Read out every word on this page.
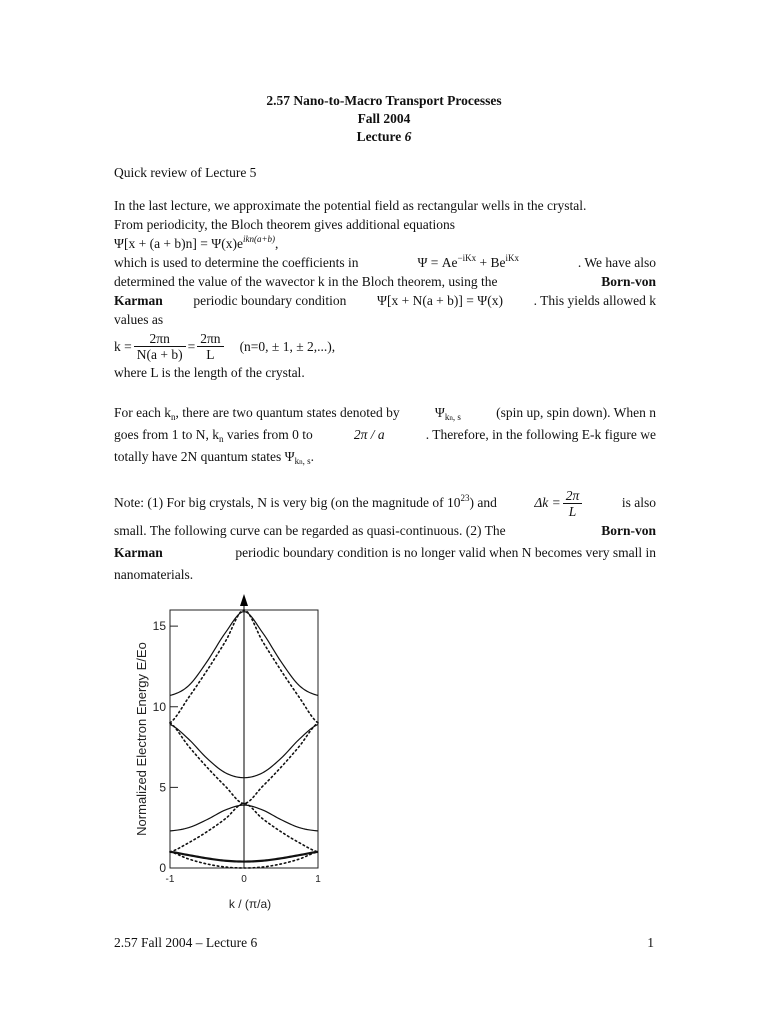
2.57 Nano-to-Macro Transport Processes
Fall 2004
Lecture 6
Quick review of Lecture 5
In the last lecture, we approximate the potential field as rectangular wells in the crystal.
From periodicity, the Bloch theorem gives additional equations
$\Psi[x + (a + b)n] = \Psi(x)e^{ikn(a+b)}$,
which is used to determine the coefficients in	$\Psi = Ae^{-iKx} + Be^{iKx}$	. We have also
determined the value of the wavector k in the Bloch theorem, using the	Born-von
Karman periodic boundary condition Ψ[x + N(a + b)] = Ψ(x) . This yields allowed k
values as
$k = \frac{2\pi n}{N(a + b)} = \frac{2\pi n}{L} (n=0$, ± 1, ± 2,...),
where L is the length of the crystal.
For each $k_n$, there are two quantum states denoted by	$\Psi_{kn, s}$	(spin up, spin down). When n
goes from 1 to N, $k_n$ varies from 0 to	2π / a	. Therefore, in the following E-k figure we
totally have 2N quantum states $\Psi_{kn, s}$.
Note: (1) For big crystals, N is very big (on the magnitude of $10^{23}$) and	$\Delta k = \frac{2\pi}{L}$	is also
small. The following curve can be regarded as quasi-continuous. (2) The	Born-von
Karman	periodic boundary condition is no longer valid when N becomes very small in
nanomaterials.
0
5
10
15
-1	0	1
k / (π/a)
Normalized Electron Energy E/Eo
2.57 Fall 2004 – Lecture 6	1
